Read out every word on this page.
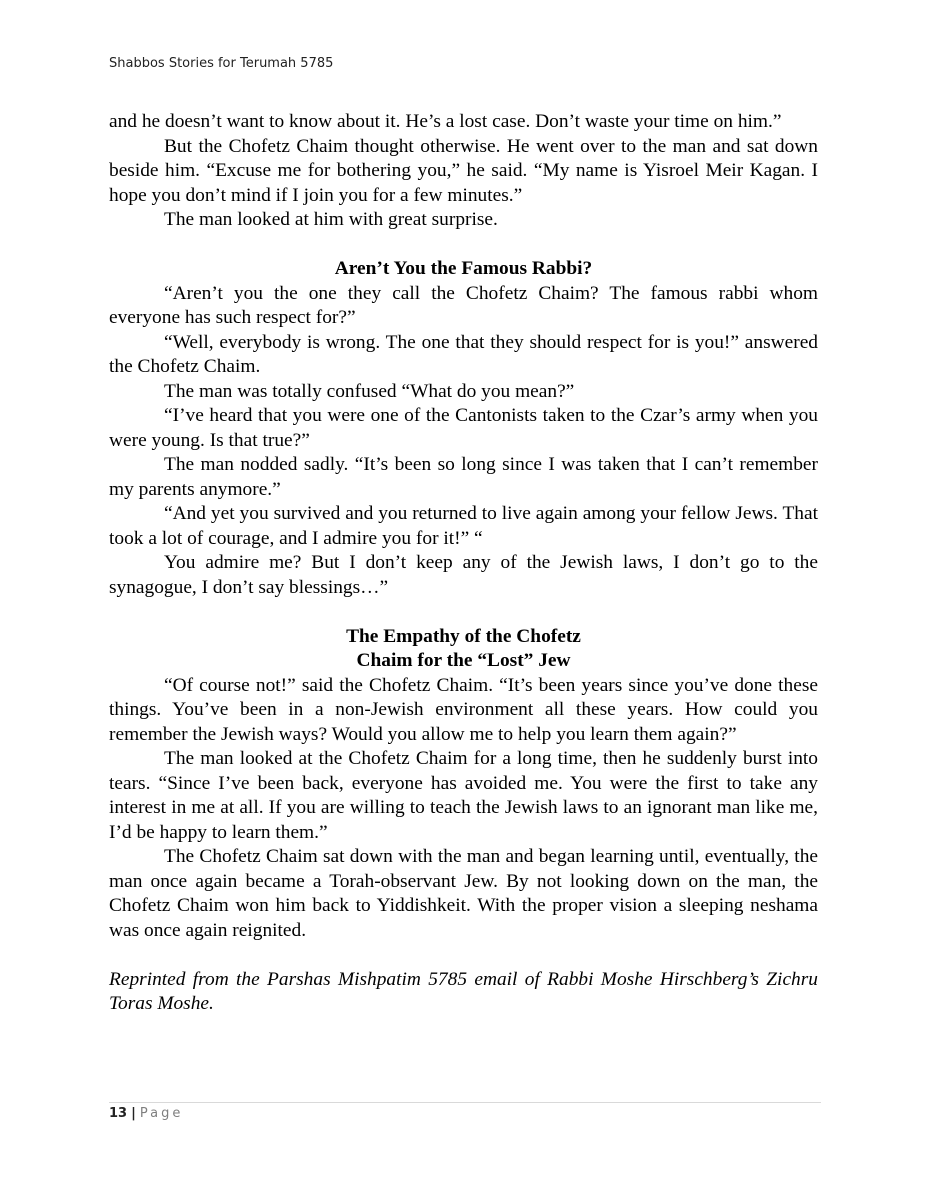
Shabbos Stories for Terumah 5785

and he doesn’t want to know about it. He’s a lost case. Don’t waste your time on him.”

But the Chofetz Chaim thought otherwise. He went over to the man and sat down beside him. “Excuse me for bothering you,” he said. “My name is Yisroel Meir Kagan. I hope you don’t mind if I join you for a few minutes.”

The man looked at him with great surprise.

Aren’t You the Famous Rabbi?

“Aren’t you the one they call the Chofetz Chaim? The famous rabbi whom everyone has such respect for?”

“Well, everybody is wrong. The one that they should respect for is you!” answered the Chofetz Chaim.

The man was totally confused “What do you mean?”

“I’ve heard that you were one of the Cantonists taken to the Czar’s army when you were young. Is that true?”

The man nodded sadly. “It’s been so long since I was taken that I can’t remember my parents anymore.”

“And yet you survived and you returned to live again among your fellow Jews. That took a lot of courage, and I admire you for it!” “

You admire me? But I don’t keep any of the Jewish laws, I don’t go to the synagogue, I don’t say blessings…”

The Empathy of the Chofetz
Chaim for the “Lost” Jew

“Of course not!” said the Chofetz Chaim. “It’s been years since you’ve done these things. You’ve been in a non-Jewish environment all these years. How could you remember the Jewish ways? Would you allow me to help you learn them again?”

The man looked at the Chofetz Chaim for a long time, then he suddenly burst into tears. “Since I’ve been back, everyone has avoided me. You were the first to take any interest in me at all. If you are willing to teach the Jewish laws to an ignorant man like me, I’d be happy to learn them.”

The Chofetz Chaim sat down with the man and began learning until, eventually, the man once again became a Torah-observant Jew. By not looking down on the man, the Chofetz Chaim won him back to Yiddishkeit. With the proper vision a sleeping neshama was once again reignited.

Reprinted from the Parshas Mishpatim 5785 email of Rabbi Moshe Hirschberg’s Zichru Toras Moshe.

13 | Page
